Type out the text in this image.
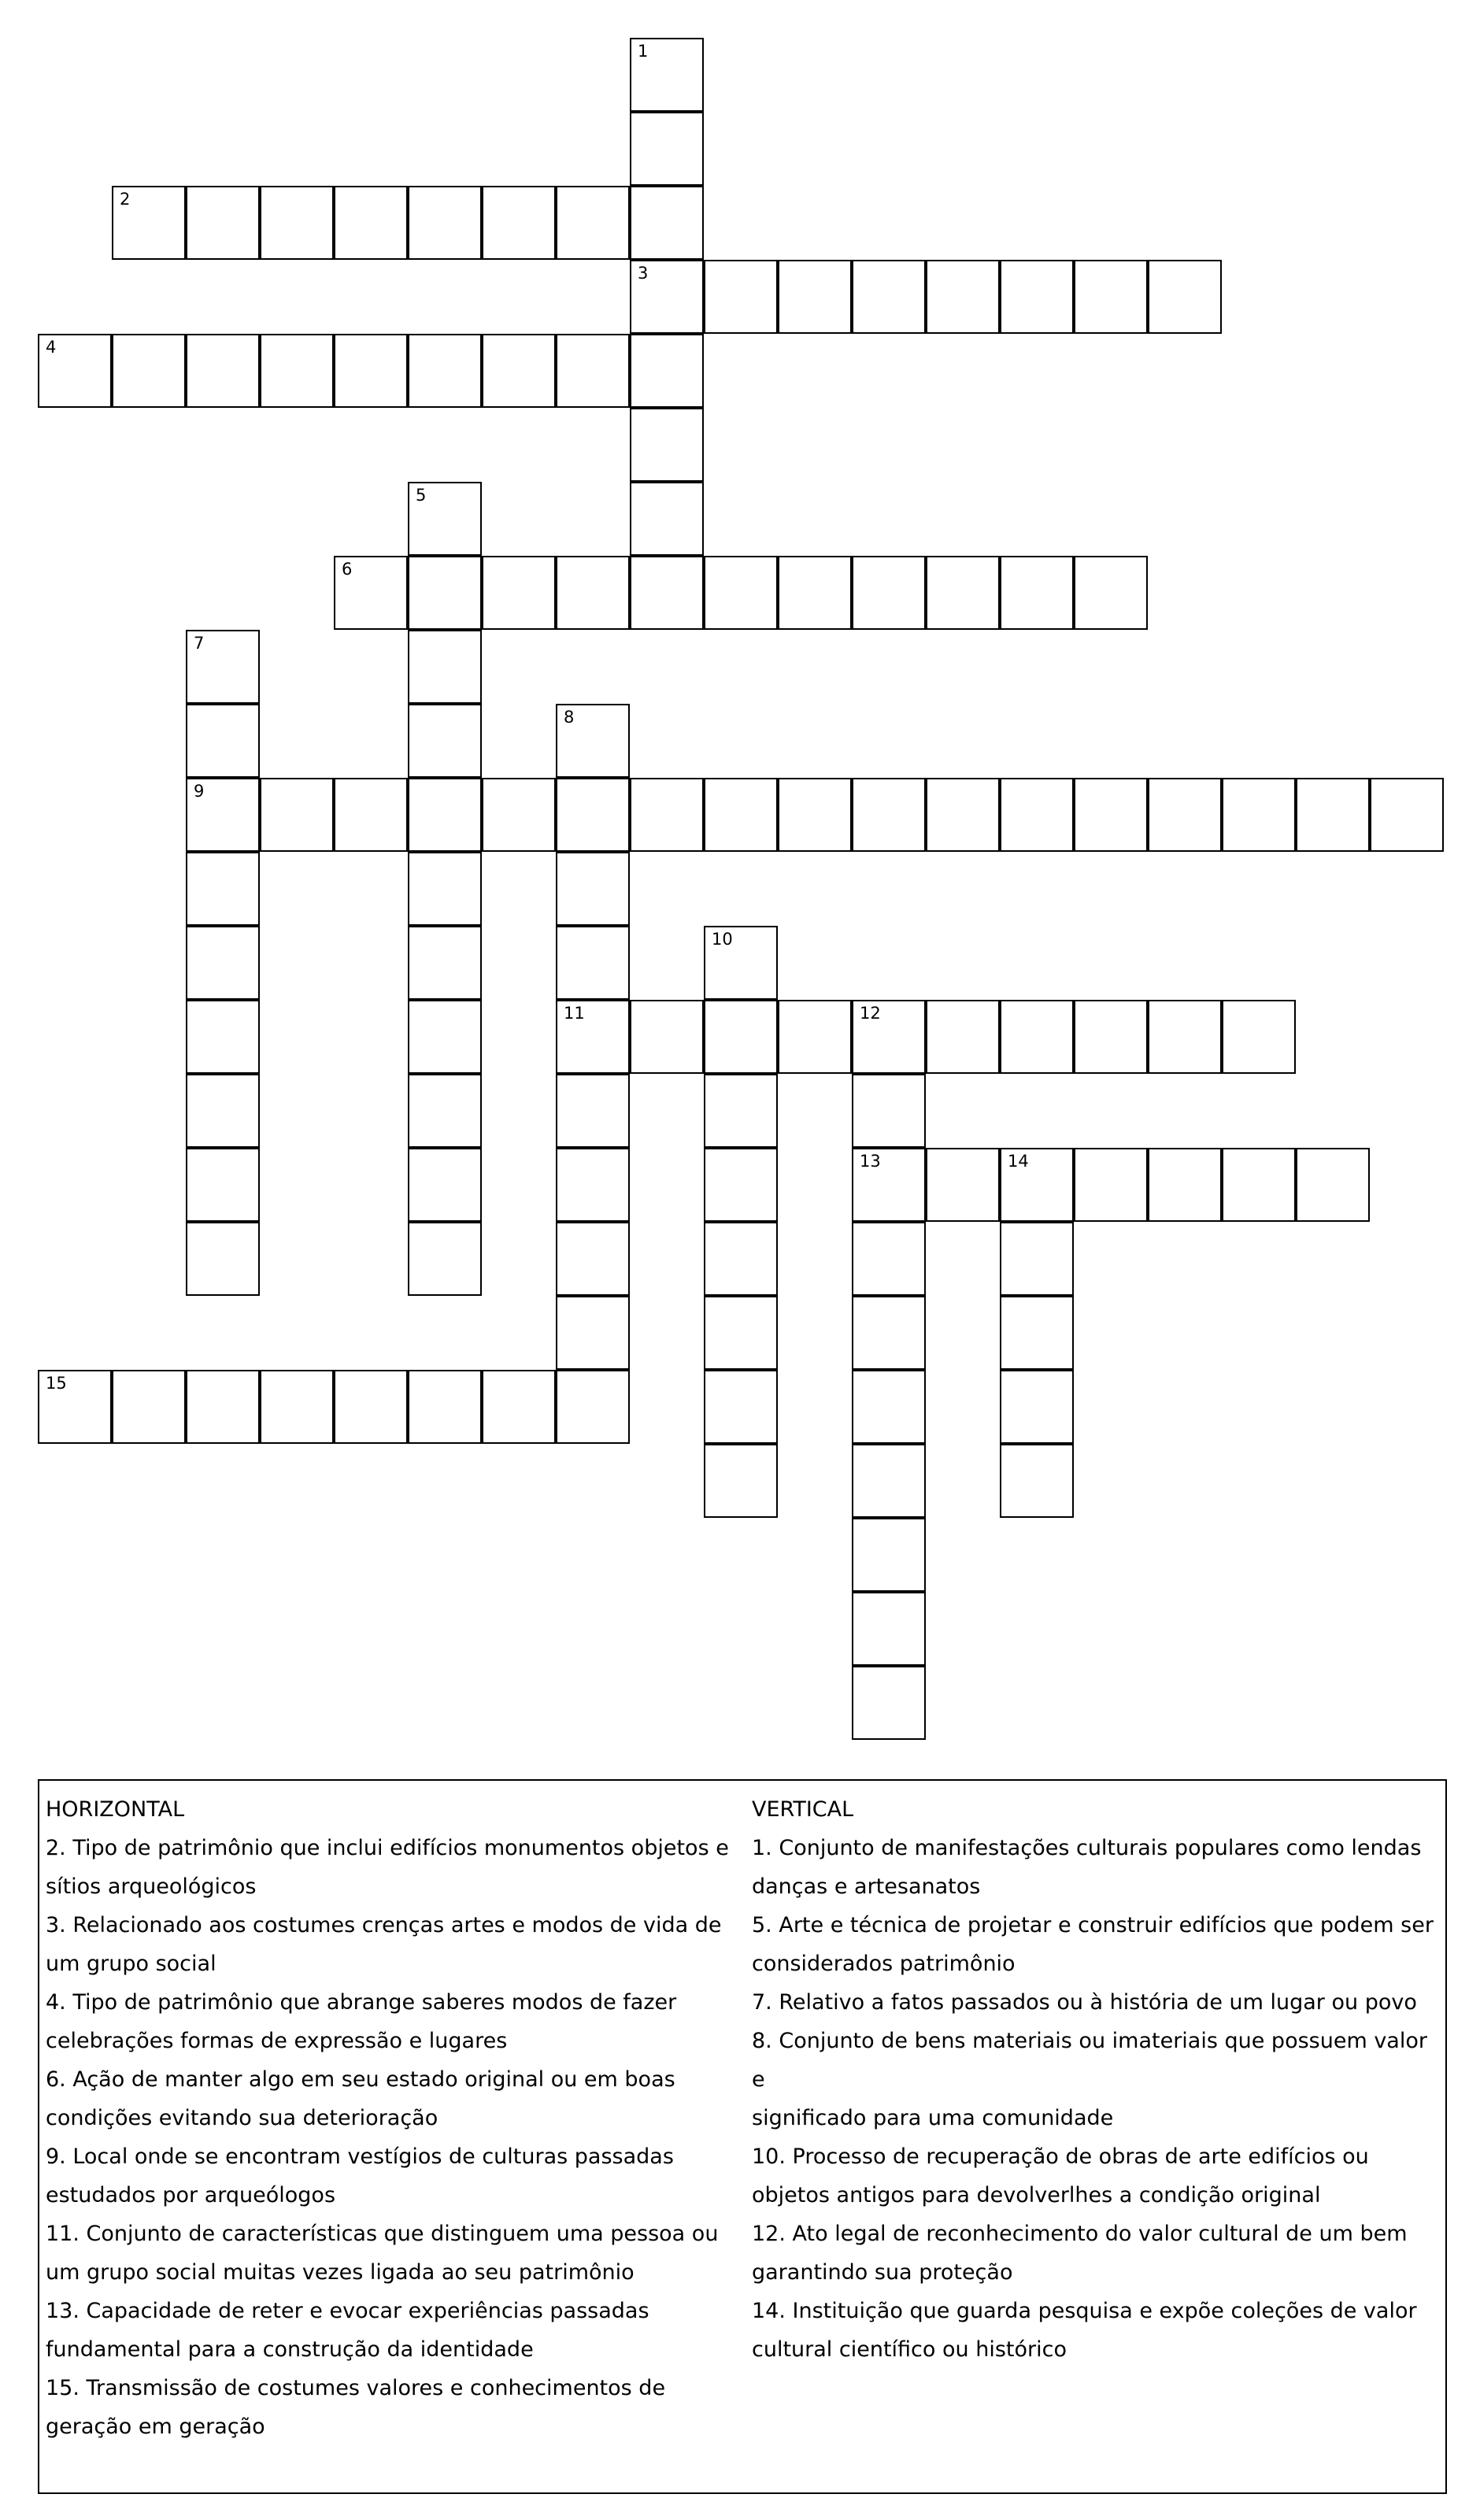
1
3
2
4
5
6
7
9
8
11
10
12
13	14
15
HORIZONTAL
2. Tipo de patrimônio que inclui edifícios monumentos objetos e
sítios arqueológicos
3. Relacionado aos costumes crenças artes e modos de vida de
um grupo social
4. Tipo de patrimônio que abrange saberes modos de fazer
celebrações formas de expressão e lugares
6. Ação de manter algo em seu estado original ou em boas
condições evitando sua deterioração
9. Local onde se encontram vestígios de culturas passadas
estudados por arqueólogos
11. Conjunto de características que distinguem uma pessoa ou
um grupo social muitas vezes ligada ao seu patrimônio
13. Capacidade de reter e evocar experiências passadas
fundamental para a construção da identidade
15. Transmissão de costumes valores e conhecimentos de
geração em geração
VERTICAL
1. Conjunto de manifestações culturais populares como lendas
danças e artesanatos
5. Arte e técnica de projetar e construir edifícios que podem ser
considerados patrimônio
7. Relativo a fatos passados ou à história de um lugar ou povo
8. Conjunto de bens materiais ou imateriais que possuem valor e
significado para uma comunidade
10. Processo de recuperação de obras de arte edifícios ou
objetos antigos para devolverlhes a condição original
12. Ato legal de reconhecimento do valor cultural de um bem
garantindo sua proteção
14. Instituição que guarda pesquisa e expõe coleções de valor
cultural científico ou histórico
